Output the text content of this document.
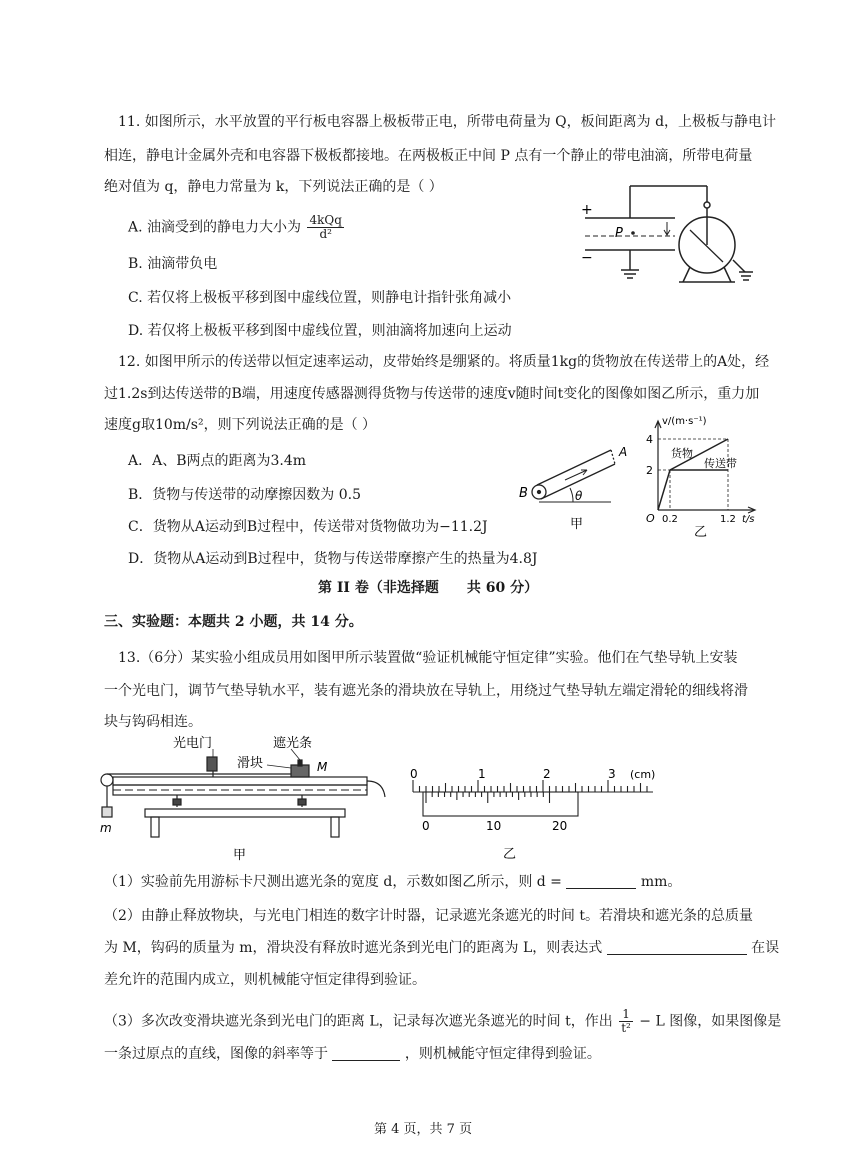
11. 如图所示，水平放置的平行板电容器上极板带正电，所带电荷量为 Q，板间距离为 d，上极板与静电计
相连，静电计金属外壳和电容器下极板都接地。在两极板正中间 P 点有一个静止的带电油滴，所带电荷量
绝对值为 q，静电力常量为 k，下列说法正确的是（ ）
A. 油滴受到的静电力大小为 $\frac{\text{4kQq}}{\text{d²}}$
B. 油滴带负电
C. 若仅将上极板平移到图中虚线位置，则静电计指针张角减小
D. 若仅将上极板平移到图中虚线位置，则油滴将加速向上运动
+
−
P
12. 如图甲所示的传送带以恒定速率运动，皮带始终是绷紧的。将质量1kg的货物放在传送带上的A处，经
过1.2s到达传送带的B端，用速度传感器测得货物与传送带的速度v随时间t变化的图像如图乙所示，重力加
速度g取10m/s²，则下列说法正确的是（ ）
A．A、B两点的距离为3.4m
B．货物与传送带的动摩擦因数为 0.5
C．货物从A运动到B过程中，传送带对货物做功为−11.2J
D．货物从A运动到B过程中，货物与传送带摩擦产生的热量为4.8J
B
A
θ
甲
v/(m·s⁻¹)
4
2
O 0.2	1.2 t/s
货物
传送带
乙
第 II 卷（非选择题　　共 60 分）
三、实验题：本题共 2 小题，共 14 分。
13.（6分）某实验小组成员用如图甲所示装置做“验证机械能守恒定律”实验。他们在气垫导轨上安装
一个光电门，调节气垫导轨水平，装有遮光条的滑块放在导轨上，用绕过气垫导轨左端定滑轮的细线将滑
块与钩码相连。
光电门	遮光条
滑块	M
m
甲
0	1	2	3 (cm)
0	10	20
乙
（1）实验前先用游标卡尺测出遮光条的宽度 d，示数如图乙所示，则 d =	mm。
（2）由静止释放物块，与光电门相连的数字计时器，记录遮光条遮光的时间 t。若滑块和遮光条的总质量
为 M，钩码的质量为 m，滑块没有释放时遮光条到光电门的距离为 L，则表达式	在误
差允许的范围内成立，则机械能守恒定律得到验证。
（3）多次改变滑块遮光条到光电门的距离 L，记录每次遮光条遮光的时间 t，作出 $\frac{1}{\text{t²}} - L$ 图像，如果图像是
一条过原点的直线，图像的斜率等于	，则机械能守恒定律得到验证。
第 4 页，共 7 页
